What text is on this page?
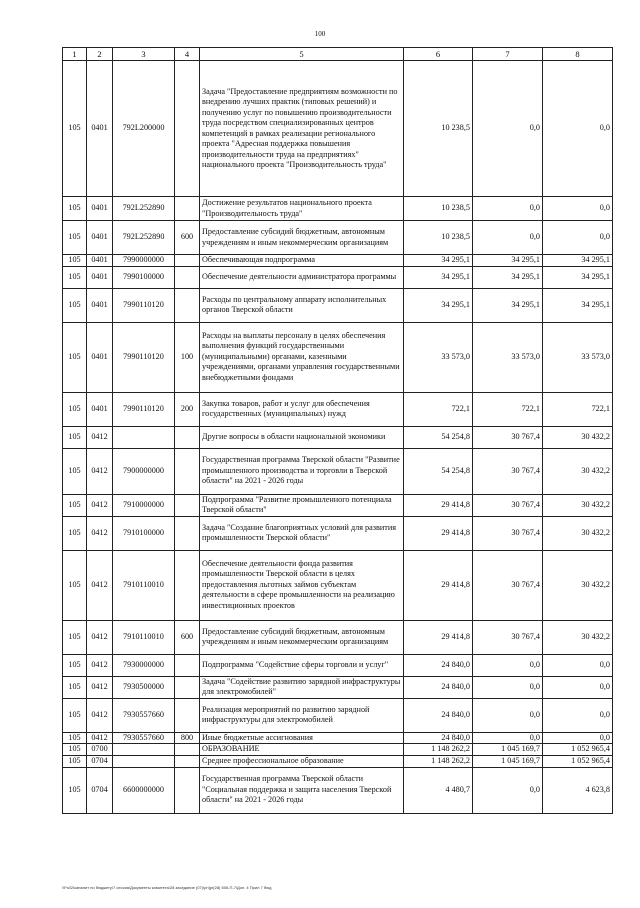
100
1	2	3	4	5	6	7	8
105	0401	792L200000		Задача "Предоставление предприятиям возможности по внедрению лучших практик (типовых решений) и получению услуг по повышению производительности труда посредством специализированных центров компетенций в рамках реализации регионального проекта "Адресная поддержка повышения производительности труда на предприятиях" национального проекта "Производительность труда"	10 238,5	0,0	0,0
105	0401	792L252890		Достижение результатов национального проекта "Производительность труда"	10 238,5	0,0	0,0
105	0401	792L252890	600	Предоставление субсидий бюджетным, автономным учреждениям и иным некоммерческим организациям	10 238,5	0,0	0,0
105	0401	7990000000		Обеспечивающая подпрограмма	34 295,1	34 295,1	34 295,1
105	0401	7990100000		Обеспечение деятельности администратора программы	34 295,1	34 295,1	34 295,1
105	0401	7990110120		Расходы по центральному аппарату исполнительных органов Тверской области	34 295,1	34 295,1	34 295,1
105	0401	7990110120	100	Расходы на выплаты персоналу в целях обеспечения выполнения функций государственными (муниципальными) органами, казенными учреждениями, органами управления государственными внебюджетными фондами	33 573,0	33 573,0	33 573,0
105	0401	7990110120	200	Закупка товаров, работ и услуг для обеспечения государственных (муниципальных) нужд	722,1	722,1	722,1
105	0412			Другие вопросы в области национальной экономики	54 254,8	30 767,4	30 432,2
105	0412	7900000000		Государственная программа Тверской области "Развитие промышленного производства и торговли в Тверской области" на 2021 - 2026 годы	54 254,8	30 767,4	30 432,2
105	0412	7910000000		Подпрограмма "Развитие промышленного потенциала Тверской области"	29 414,8	30 767,4	30 432,2
105	0412	7910100000		Задача "Создание благоприятных условий для развития промышленности Тверской области"	29 414,8	30 767,4	30 432,2
105	0412	7910110010		Обеспечение деятельности фонда развития промышленности Тверской области в целях предоставления льготных займов субъектам деятельности в сфере промышленности на реализацию инвестиционных проектов	29 414,8	30 767,4	30 432,2
105	0412	7910110010	600	Предоставление субсидий бюджетным, автономным учреждениям и иным некоммерческим организациям	29 414,8	30 767,4	30 432,2
105	0412	7930000000		Подпрограмма "Содействие сферы торговли и услуг"	24 840,0	0,0	0,0
105	0412	7930500000		Задача "Содействие развитию зарядной инфраструктуры для электромобилей"	24 840,0	0,0	0,0
105	0412	7930557660		Реализация мероприятий по развитию зарядной инфраструктуры для электромобилей	24 840,0	0,0	0,0
105	0412	7930557660	800	Иные бюджетные ассигнования	24 840,0	0,0	0,0
105	0700			ОБРАЗОВАНИЕ	1 148 262,2	1 045 169,7	1 052 965,4
105	0704			Среднее профессиональное образование	1 148 262,2	1 045 169,7	1 052 965,4
105	0704	6600000000		Государственная программа Тверской области "Социальная поддержка и защита населения Тверской области" на 2021 - 2026 годы	4 480,7	0,0	4 623,8
\\Fs02\каналит по бюджету\7 сессия\Документы комитета\28 заседание (07)\pr\jpr(28) 506-П-7\Доп. 4 Прил 7 бюд
